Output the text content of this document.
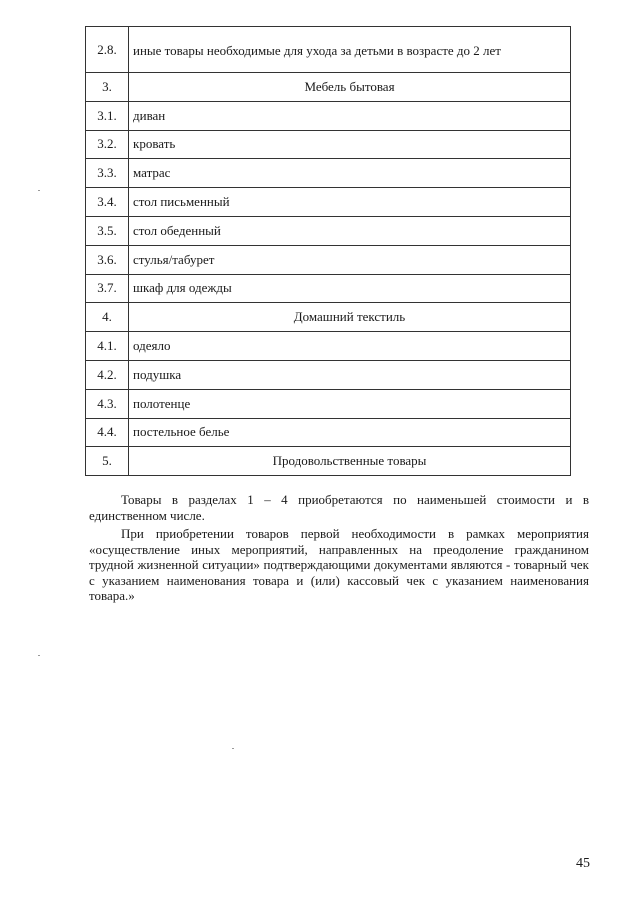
2.8.	иные товары необходимые для ухода за детьми в возрасте до 2 лет
3.	Мебель бытовая
3.1.	диван
3.2.	кровать
3.3.	матрас
3.4.	стол письменный
3.5.	стол обеденный
3.6.	стулья/табурет
3.7.	шкаф для одежды
4.	Домашний текстиль
4.1.	одеяло
4.2.	подушка
4.3.	полотенце
4.4.	постельное белье
5.	Продовольственные товары

Товары в разделах 1 – 4 приобретаются по наименьшей стоимости и в единственном числе.

При приобретении товаров первой необходимости в рамках мероприятия «осуществление иных мероприятий, направленных на преодоление гражданином трудной жизненной ситуации» подтверждающими документами являются - товарный чек с указанием наименования товара и (или) кассовый чек с указанием наименования товара.»

45
